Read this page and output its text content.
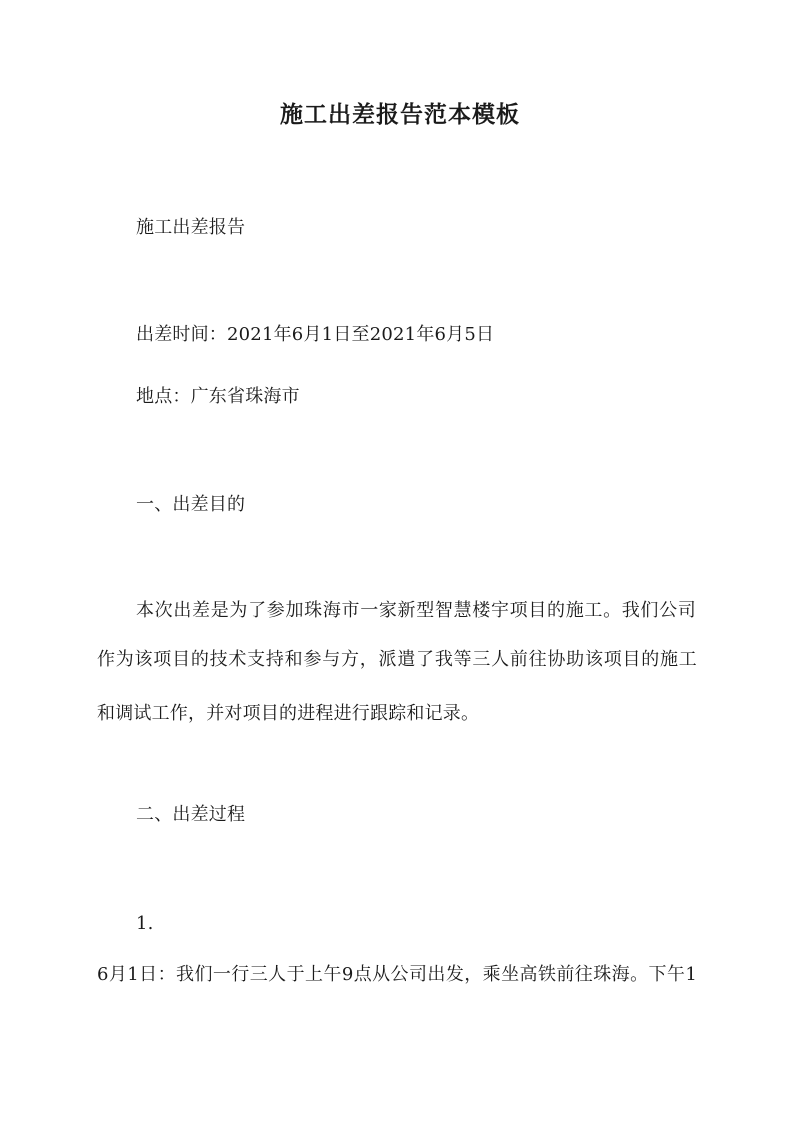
施工出差报告范本模板
施工出差报告
出差时间：2021年6月1日至2021年6月5日
地点：广东省珠海市
一、出差目的
本次出差是为了参加珠海市一家新型智慧楼宇项目的施工。我们公司
作为该项目的技术支持和参与方，派遣了我等三人前往协助该项目的施工
和调试工作，并对项目的进程进行跟踪和记录。
二、出差过程
1.
6月1日：我们一行三人于上午9点从公司出发，乘坐高铁前往珠海。下午1
